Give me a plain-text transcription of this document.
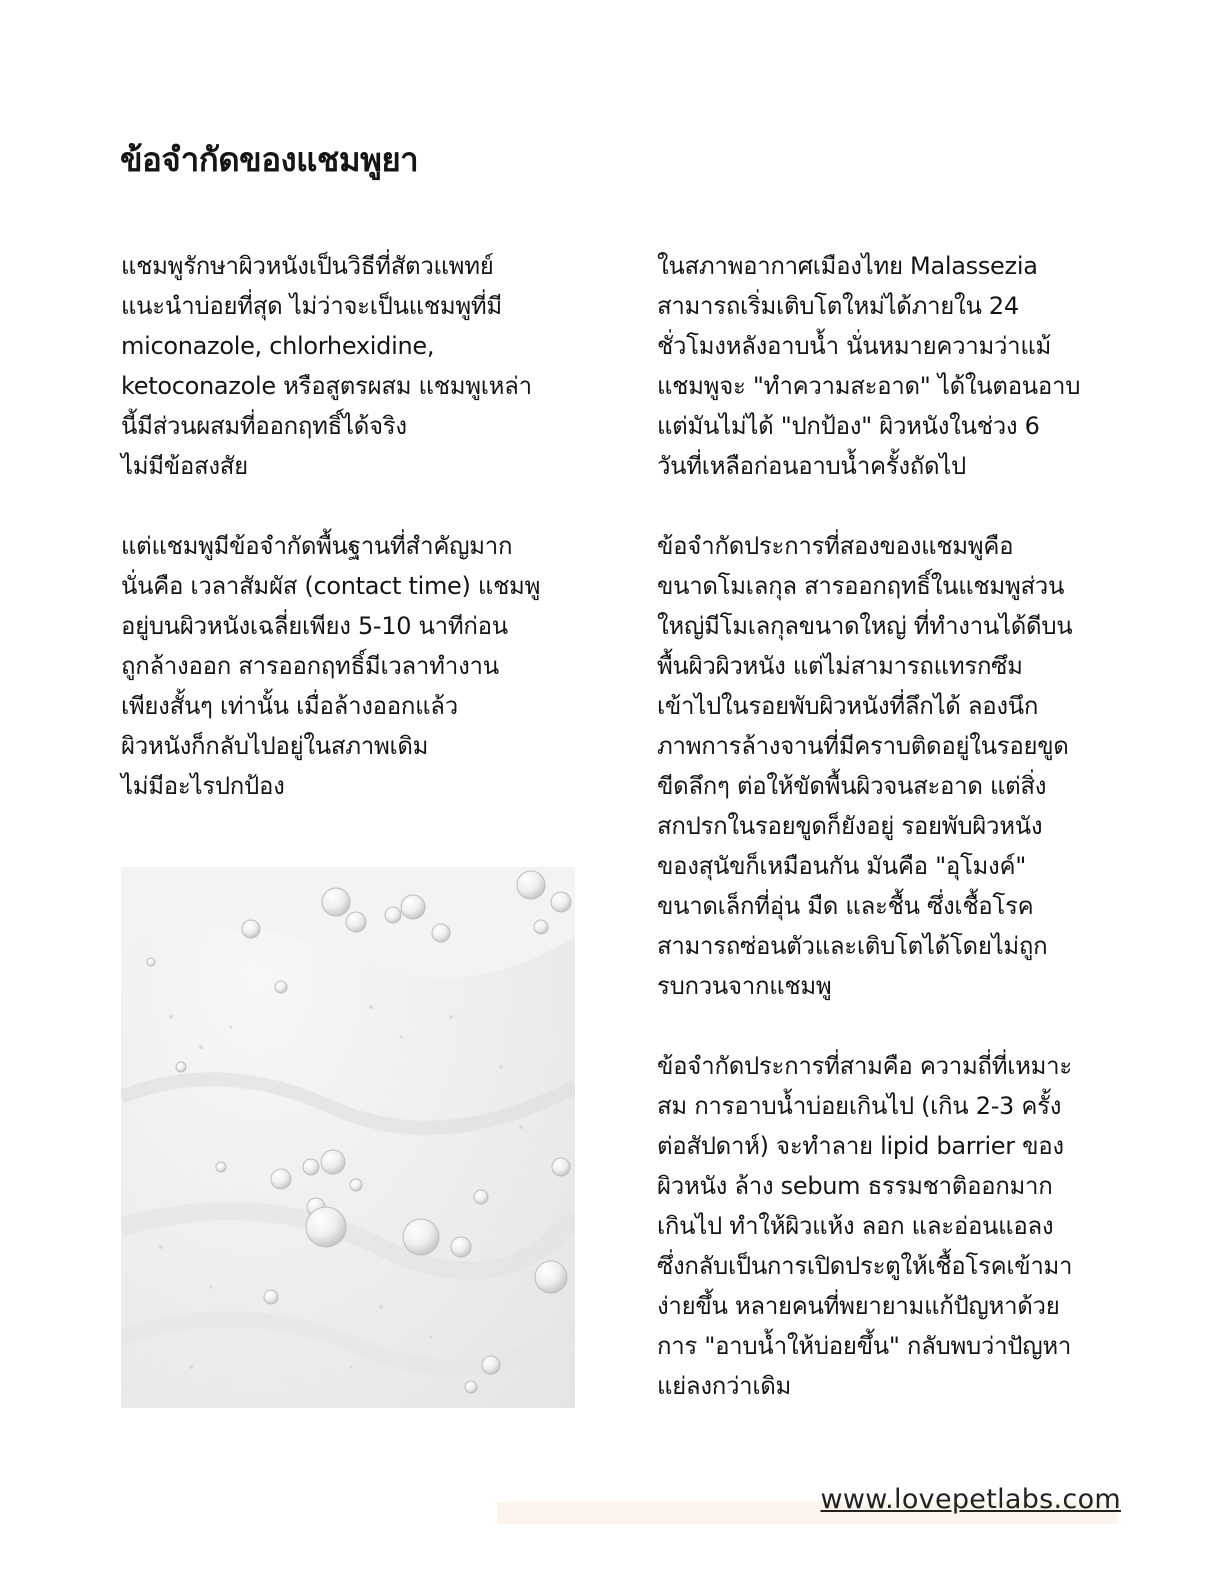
ข้อจำกัดของแชมพูยา

แชมพูรักษาผิวหนังเป็นวิธีที่สัตวแพทย์
แนะนำบ่อยที่สุด ไม่ว่าจะเป็นแชมพูที่มี
miconazole, chlorhexidine,
ketoconazole หรือสูตรผสม แชมพูเหล่า
นี้มีส่วนผสมที่ออกฤทธิ์ได้จริง
ไม่มีข้อสงสัย

แต่แชมพูมีข้อจำกัดพื้นฐานที่สำคัญมาก
นั่นคือ เวลาสัมผัส (contact time) แชมพู
อยู่บนผิวหนังเฉลี่ยเพียง 5-10 นาทีก่อน
ถูกล้างออก สารออกฤทธิ์มีเวลาทำงาน
เพียงสั้นๆ เท่านั้น เมื่อล้างออกแล้ว
ผิวหนังก็กลับไปอยู่ในสภาพเดิม
ไม่มีอะไรปกป้อง

ในสภาพอากาศเมืองไทย Malassezia
สามารถเริ่มเติบโตใหม่ได้ภายใน 24
ชั่วโมงหลังอาบน้ำ นั่นหมายความว่าแม้
แชมพูจะ "ทำความสะอาด" ได้ในตอนอาบ
แต่มันไม่ได้ "ปกป้อง" ผิวหนังในช่วง 6
วันที่เหลือก่อนอาบน้ำครั้งถัดไป

ข้อจำกัดประการที่สองของแชมพูคือ
ขนาดโมเลกุล สารออกฤทธิ์ในแชมพูส่วน
ใหญ่มีโมเลกุลขนาดใหญ่ ที่ทำงานได้ดีบน
พื้นผิวผิวหนัง แต่ไม่สามารถแทรกซึม
เข้าไปในรอยพับผิวหนังที่ลึกได้ ลองนึก
ภาพการล้างจานที่มีคราบติดอยู่ในรอยขูด
ขีดลึกๆ ต่อให้ขัดพื้นผิวจนสะอาด แต่สิ่ง
สกปรกในรอยขูดก็ยังอยู่ รอยพับผิวหนัง
ของสุนัขก็เหมือนกัน มันคือ "อุโมงค์"
ขนาดเล็กที่อุ่น มืด และชื้น ซึ่งเชื้อโรค
สามารถซ่อนตัวและเติบโตได้โดยไม่ถูก
รบกวนจากแชมพู

ข้อจำกัดประการที่สามคือ ความถี่ที่เหมาะ
สม การอาบน้ำบ่อยเกินไป (เกิน 2-3 ครั้ง
ต่อสัปดาห์) จะทำลาย lipid barrier ของ
ผิวหนัง ล้าง sebum ธรรมชาติออกมาก
เกินไป ทำให้ผิวแห้ง ลอก และอ่อนแอลง
ซึ่งกลับเป็นการเปิดประตูให้เชื้อโรคเข้ามา
ง่ายขึ้น หลายคนที่พยายามแก้ปัญหาด้วย
การ "อาบน้ำให้บ่อยขึ้น" กลับพบว่าปัญหา
แย่ลงกว่าเดิม

www.lovepetlabs.com
